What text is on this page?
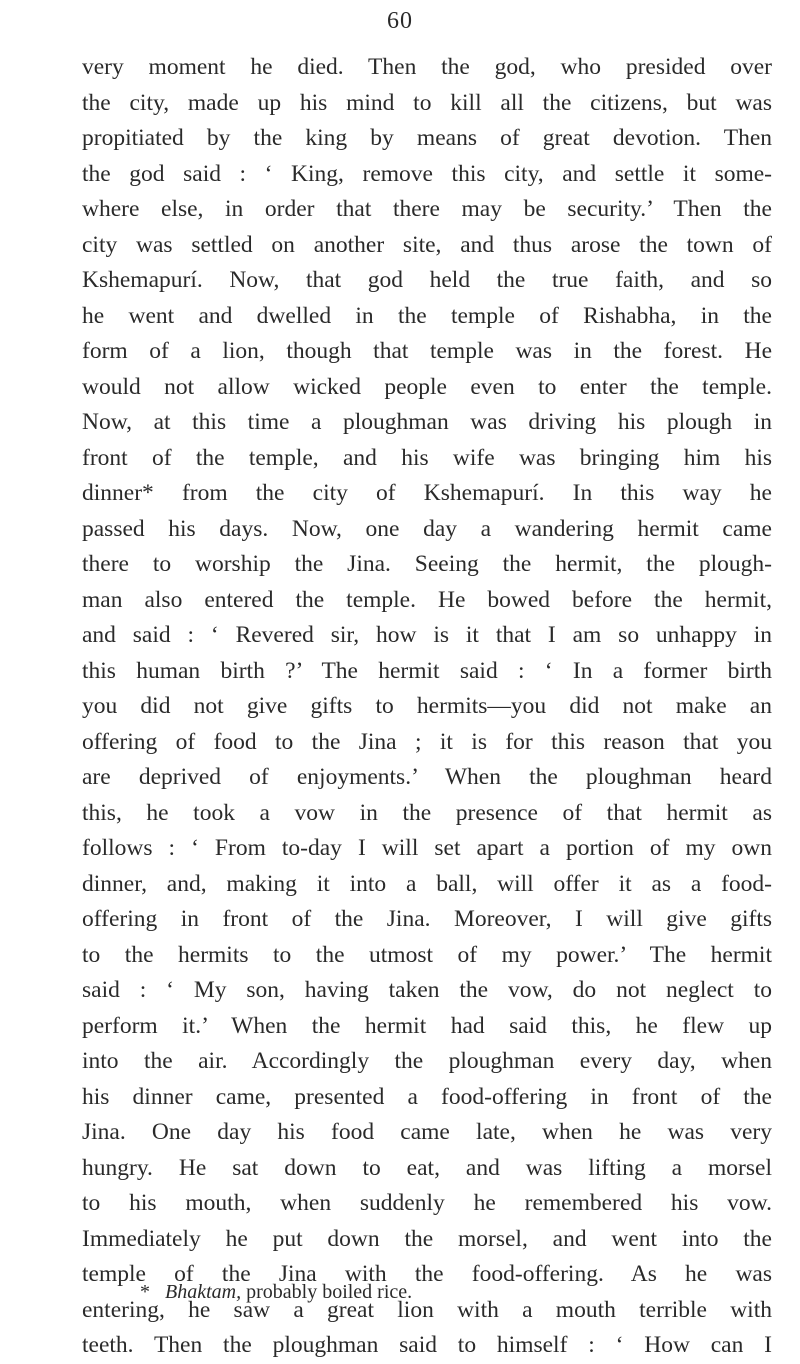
60
very moment he died. Then the god, who presided over
the city, made up his mind to kill all the citizens, but was
propitiated by the king by means of great devotion. Then
the god said : ‘ King, remove this city, and settle it some-
where else, in order that there may be security.’ Then the
city was settled on another site, and thus arose the town of
Kshemapurí. Now, that god held the true faith, and so
he went and dwelled in the temple of Rishabha, in the
form of a lion, though that temple was in the forest. He
would not allow wicked people even to enter the temple.
Now, at this time a ploughman was driving his plough in
front of the temple, and his wife was bringing him his
dinner* from the city of Kshemapurí. In this way he
passed his days. Now, one day a wandering hermit came
there to worship the Jina. Seeing the hermit, the plough-
man also entered the temple. He bowed before the hermit,
and said : ‘ Revered sir, how is it that I am so unhappy in
this human birth ?’ The hermit said : ‘ In a former birth
you did not give gifts to hermits—you did not make an
offering of food to the Jina ; it is for this reason that you
are deprived of enjoyments.’ When the ploughman heard
this, he took a vow in the presence of that hermit as
follows : ‘ From to-day I will set apart a portion of my own
dinner, and, making it into a ball, will offer it as a food-
offering in front of the Jina. Moreover, I will give gifts
to the hermits to the utmost of my power.’ The hermit
said : ‘ My son, having taken the vow, do not neglect to
perform it.’ When the hermit had said this, he flew up
into the air. Accordingly the ploughman every day, when
his dinner came, presented a food-offering in front of the
Jina. One day his food came late, when he was very
hungry. He sat down to eat, and was lifting a morsel
to his mouth, when suddenly he remembered his vow.
Immediately he put down the morsel, and went into the
temple of the Jina with the food-offering. As he was
entering, he saw a great lion with a mouth terrible with
teeth. Then the ploughman said to himself : ‘ How can I
* Bhaktam, probably boiled rice.
